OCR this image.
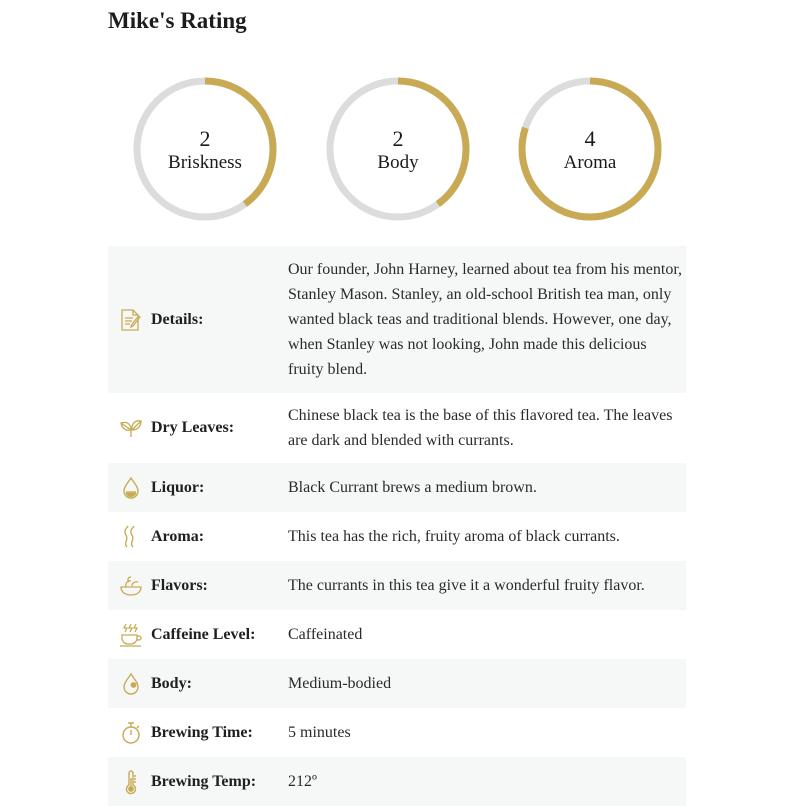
Mike's Rating
2
Briskness
2
Body
4
Aroma
Details:	Our founder, John Harney, learned about tea from his mentor, Stanley Mason. Stanley, an old-school British tea man, only wanted black teas and traditional blends. However, one day, when Stanley was not looking, John made this delicious fruity blend.

Dry Leaves:	Chinese black tea is the base of this flavored tea. The leaves are dark and blended with currants.

Liquor:	Black Currant brews a medium brown.

Aroma:	This tea has the rich, fruity aroma of black currants.

Flavors:	The currants in this tea give it a wonderful fruity flavor.

Caffeine Level:	Caffeinated

Body:	Medium-bodied

Brewing Time:	5 minutes

Brewing Temp:	212º
